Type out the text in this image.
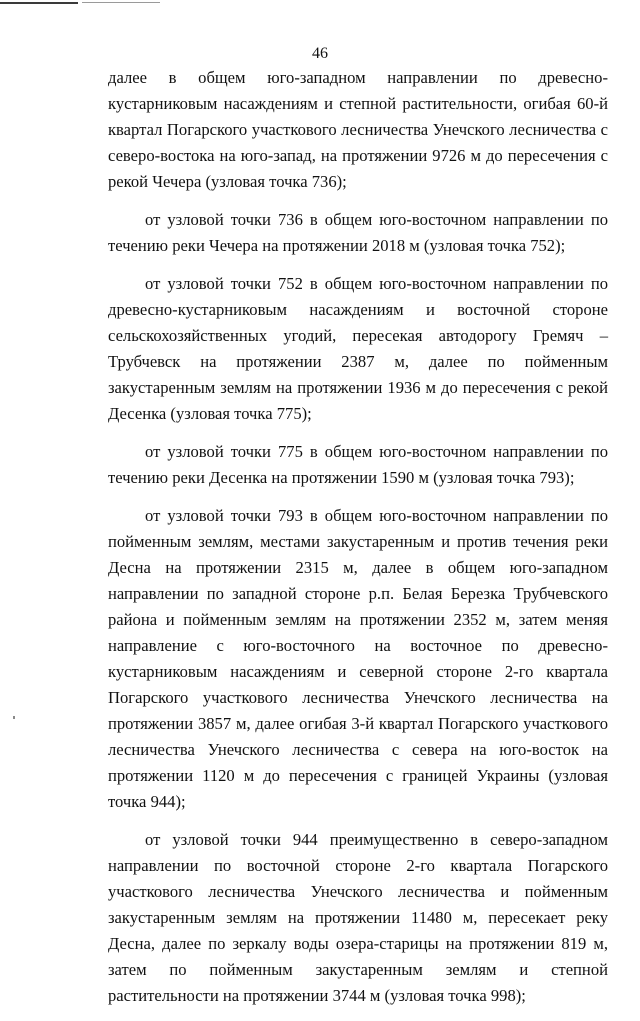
46

далее в общем юго-западном направлении по древесно-кустарниковым насаждениям и степной растительности, огибая 60-й квартал Погарского участкового лесничества Унечского лесничества с северо-востока на юго-запад, на протяжении 9726 м до пересечения с рекой Чечера (узловая точка 736);

от узловой точки 736 в общем юго-восточном направлении по течению реки Чечера на протяжении 2018 м (узловая точка 752);

от узловой точки 752 в общем юго-восточном направлении по древесно-кустарниковым насаждениям и восточной стороне сельскохозяйственных угодий, пересекая автодорогу Гремяч – Трубчевск на протяжении 2387 м, далее по пойменным закустаренным землям на протяжении 1936 м до пересечения с рекой Десенка (узловая точка 775);

от узловой точки 775 в общем юго-восточном направлении по течению реки Десенка на протяжении 1590 м (узловая точка 793);

от узловой точки 793 в общем юго-восточном направлении по пойменным землям, местами закустаренным и против течения реки Десна на протяжении 2315 м, далее в общем юго-западном направлении по западной стороне р.п. Белая Березка Трубчевского района и пойменным землям на протяжении 2352 м, затем меняя направление с юго-восточного на восточное по древесно-кустарниковым насаждениям и северной стороне 2-го квартала Погарского участкового лесничества Унечского лесничества на протяжении 3857 м, далее огибая 3-й квартал Погарского участкового лесничества Унечского лесничества с севера на юго-восток на протяжении 1120 м до пересечения с границей Украины (узловая точка 944);

от узловой точки 944 преимущественно в северо-западном направлении по восточной стороне 2-го квартала Погарского участкового лесничества Унечского лесничества и пойменным закустаренным землям на протяжении 11480 м, пересекает реку Десна, далее по зеркалу воды озера-старицы на протяжении 819 м, затем по пойменным закустаренным землям и степной растительности на протяжении 3744 м (узловая точка 998);
